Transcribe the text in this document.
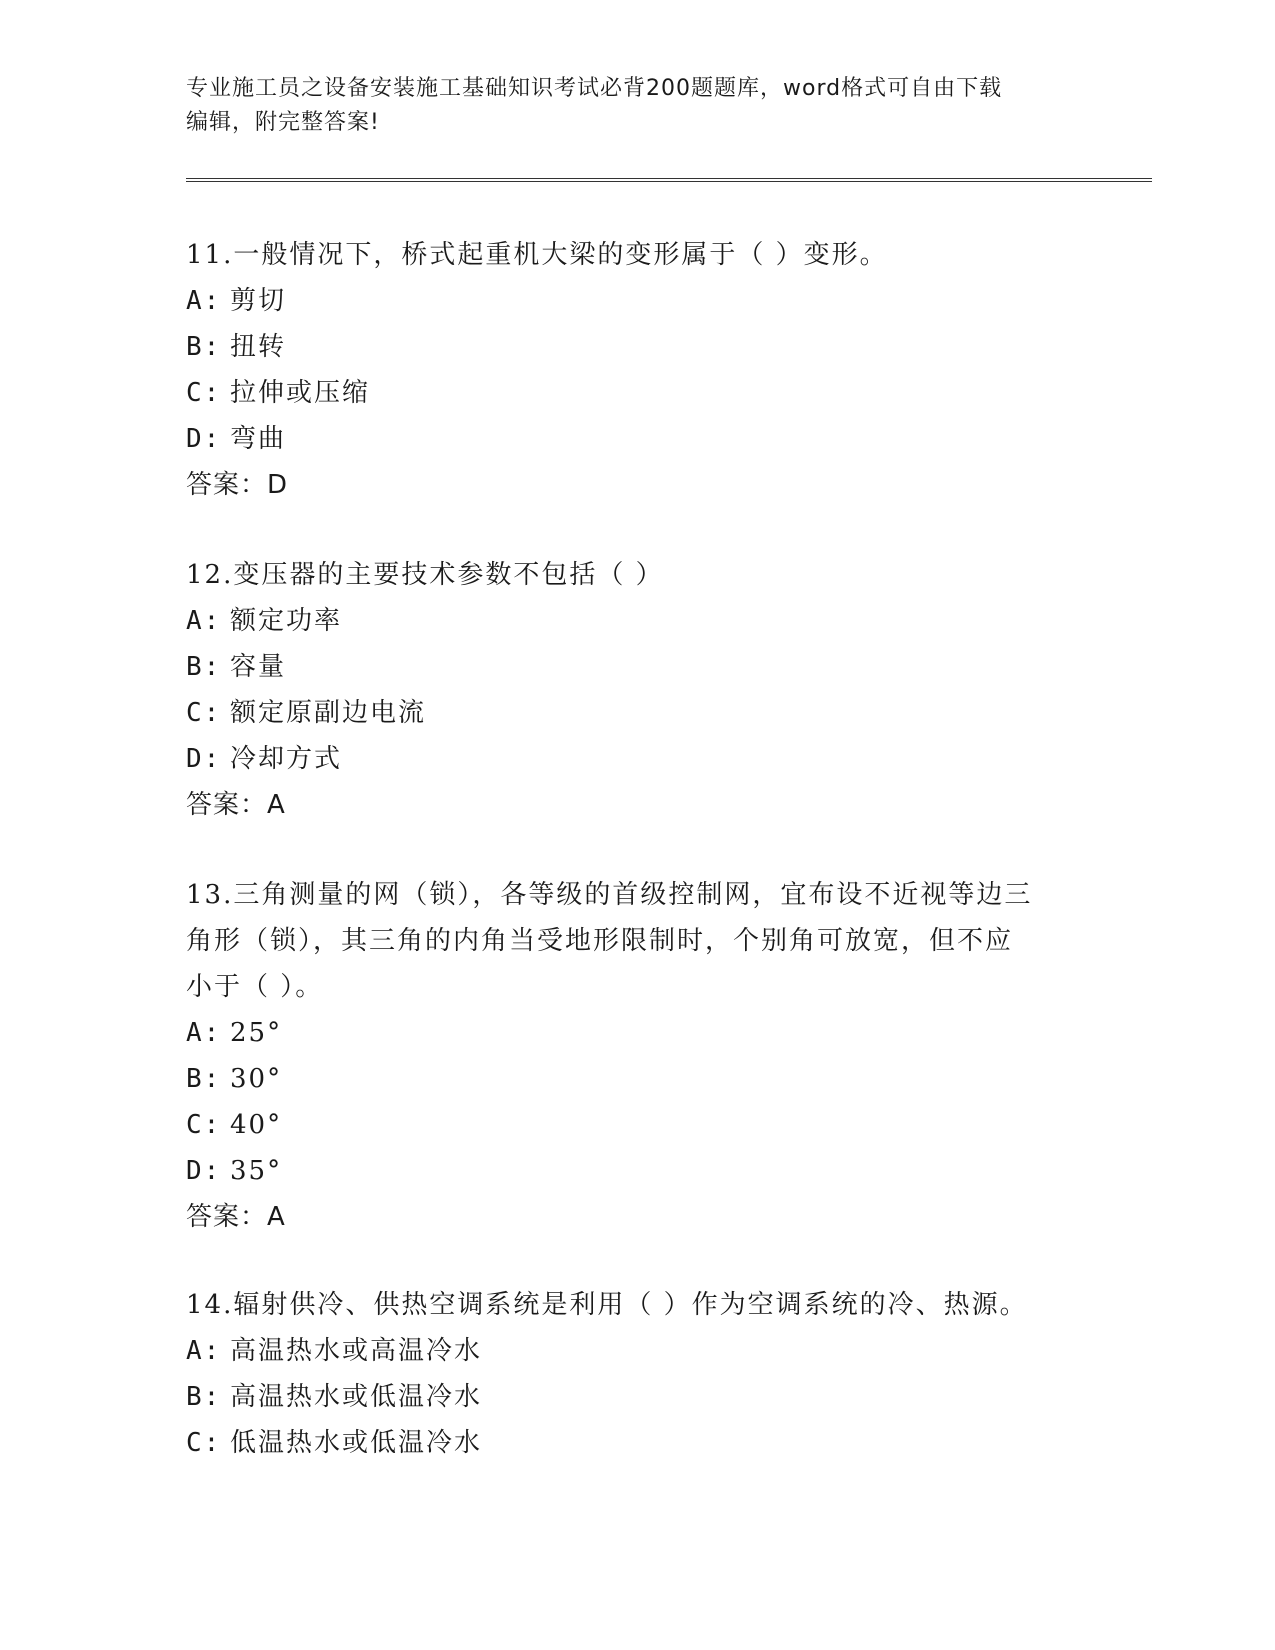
专业施工员之设备安装施工基础知识考试必背200题题库，word格式可自由下载
编辑，附完整答案!

11.一般情况下，桥式起重机大梁的变形属于（ ）变形。

A: 剪切

B: 扭转

C: 拉伸或压缩

D: 弯曲

答案：D

12.变压器的主要技术参数不包括（ ）

A: 额定功率

B: 容量

C: 额定原副边电流

D: 冷却方式

答案：A

13.三角测量的网（锁），各等级的首级控制网，宜布设不近视等边三

角形（锁），其三角的内角当受地形限制时，个别角可放宽，但不应

小于（ ）。

A: 25°

B: 30°

C: 40°

D: 35°

答案：A

14.辐射供冷、供热空调系统是利用（ ）作为空调系统的冷、热源。

A: 高温热水或高温冷水

B: 高温热水或低温冷水

C: 低温热水或低温冷水
